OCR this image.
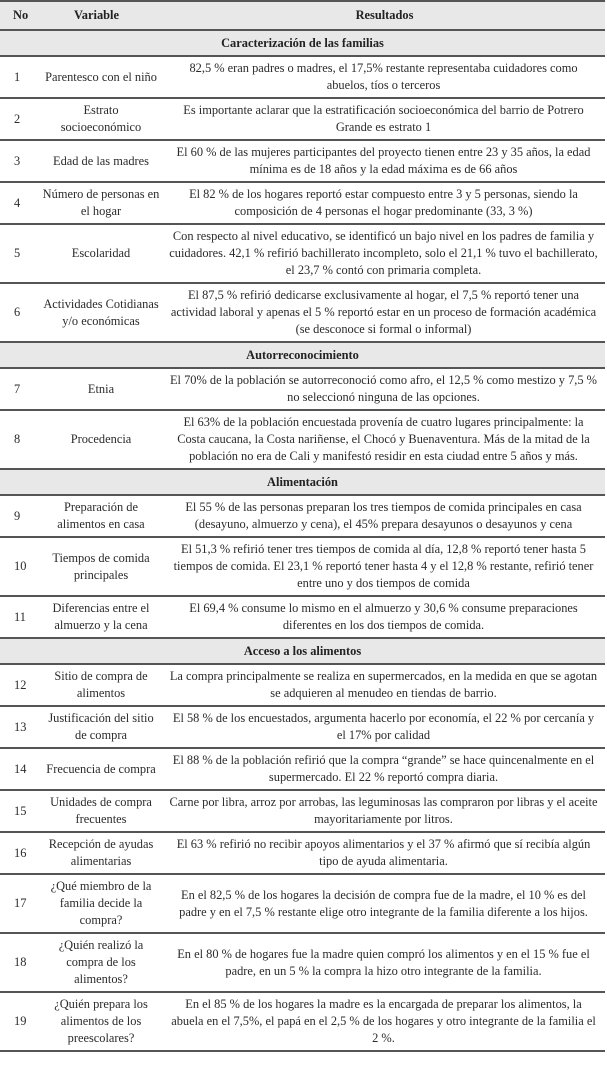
No	Variable	Resultados
Caracterización de las familias		
1	Parentesco con el niño	82,5 % eran padres o madres, el 17,5% restante representaba cuidadores como abuelos, tíos o terceros
2	Estrato socioeconómico	Es importante aclarar que la estratificación socioeconómica del barrio de Potrero Grande es estrato 1
3	Edad de las madres	El 60 % de las mujeres participantes del proyecto tienen entre 23 y 35 años, la edad mínima es de 18 años y la edad máxima es de 66 años
4	Número de personas en el hogar	El 82 % de los hogares reportó estar compuesto entre 3 y 5 personas, siendo la composición de 4 personas el hogar predominante (33, 3 %)
5	Escolaridad	Con respecto al nivel educativo, se identificó un bajo nivel en los padres de familia y cuidadores. 42,1 % refirió bachillerato incompleto, solo el 21,1 % tuvo el bachillerato, el 23,7 % contó con primaria completa.
6	Actividades Cotidianas y/o económicas	El 87,5 % refirió dedicarse exclusivamente al hogar, el 7,5 % reportó tener una actividad laboral y apenas el 5 % reportó estar en un proceso de formación académica (se desconoce si formal o informal)
Autorreconocimiento		
7	Etnia	El 70% de la población se autorreconoció como afro, el 12,5 % como mestizo y 7,5 % no seleccionó ninguna de las opciones.
8	Procedencia	El 63% de la población encuestada provenía de cuatro lugares principalmente: la Costa caucana, la Costa nariñense, el Chocó y Buenaventura. Más de la mitad de la población no era de Cali y manifestó residir en esta ciudad entre 5 años y más.
Alimentación		
9	Preparación de alimentos en casa	El 55 % de las personas preparan los tres tiempos de comida principales en casa (desayuno, almuerzo y cena), el 45% prepara desayunos o desayunos y cena
10	Tiempos de comida principales	El 51,3 % refirió tener tres tiempos de comida al día, 12,8 % reportó tener hasta 5 tiempos de comida. El 23,1 % reportó tener hasta 4 y el 12,8 % restante, refirió tener entre uno y dos tiempos de comida
11	Diferencias entre el almuerzo y la cena	El 69,4 % consume lo mismo en el almuerzo y 30,6 % consume preparaciones diferentes en los dos tiempos de comida.
Acceso a los alimentos		
12	Sitio de compra de alimentos	La compra principalmente se realiza en supermercados, en la medida en que se agotan se adquieren al menudeo en tiendas de barrio.
13	Justificación del sitio de compra	El 58 % de los encuestados, argumenta hacerlo por economía, el 22 % por cercanía y el 17% por calidad
14	Frecuencia de compra	El 88 % de la población refirió que la compra “grande” se hace quincenalmente en el supermercado. El 22 % reportó compra diaria.
15	Unidades de compra frecuentes	Carne por libra, arroz por arrobas, las leguminosas las compraron por libras y el aceite mayoritariamente por litros.
16	Recepción de ayudas alimentarias	El 63 % refirió no recibir apoyos alimentarios y el 37 % afirmó que sí recibía algún tipo de ayuda alimentaria.
17	¿Qué miembro de la familia decide la compra?	En el 82,5 % de los hogares la decisión de compra fue de la madre, el 10 % es del padre y en el 7,5 % restante elige otro integrante de la familia diferente a los hijos.
18	¿Quién realizó la compra de los alimentos?	En el 80 % de hogares fue la madre quien compró los alimentos y en el 15 % fue el padre, en un 5 % la compra la hizo otro integrante de la familia.
19	¿Quién prepara los alimentos de los preescolares?	En el 85 % de los hogares la madre es la encargada de preparar los alimentos, la abuela en el 7,5%, el papá en el 2,5 % de los hogares y otro integrante de la familia el 2 %.
